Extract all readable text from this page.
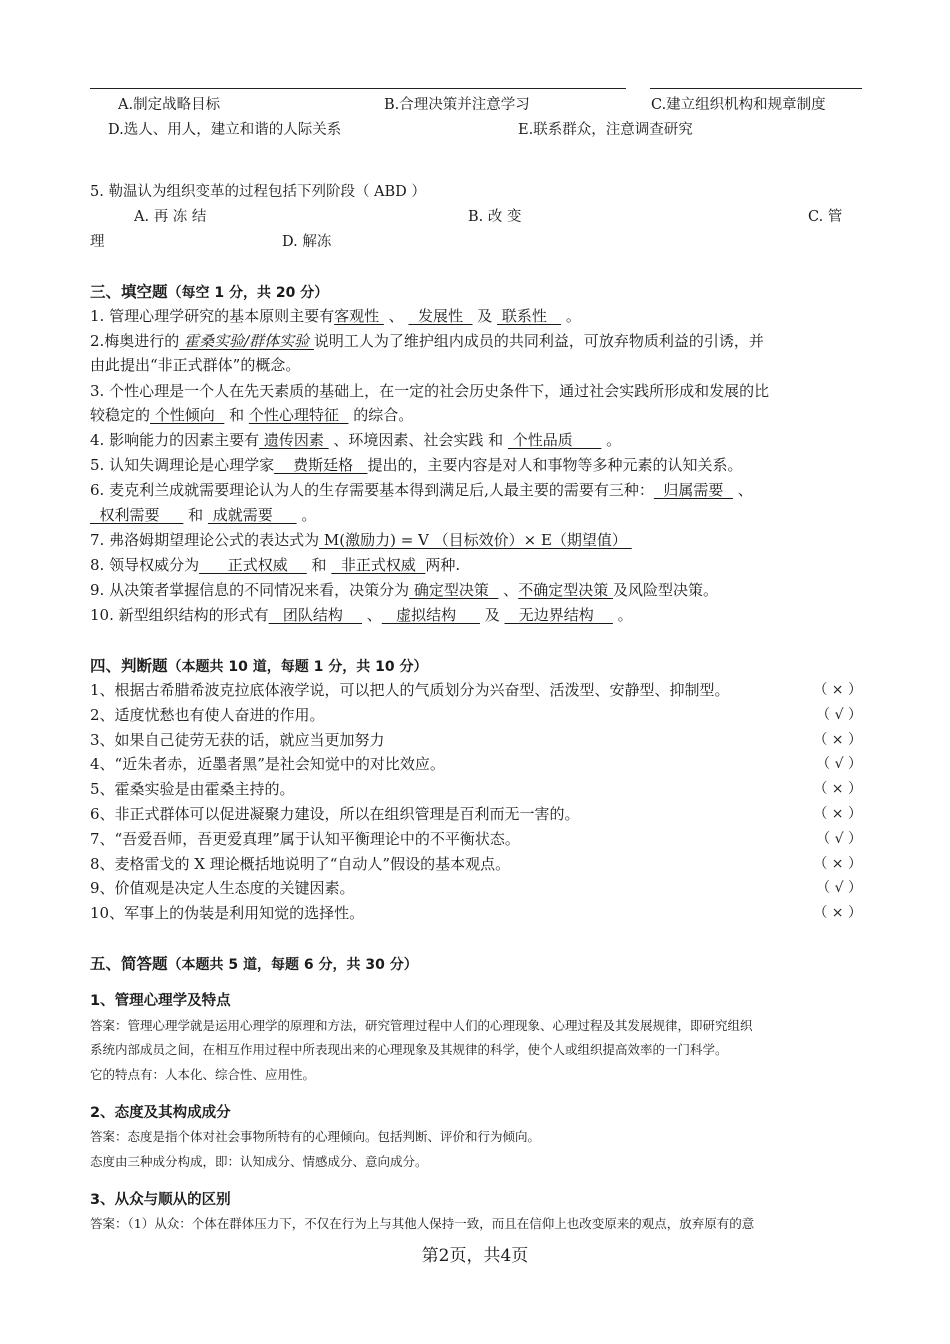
A.制定战略目标	B.合理决策并注意学习	C.建立组织机构和规章制度
D.选人、用人，建立和谐的人际关系	E.联系群众，注意调查研究
5. 勒温认为组织变革的过程包括下列阶段（ ABD ）
A. 再 冻 结	B. 改 变	C. 管
理	D. 解冻
三、填空题（每空 1 分，共 20 分）
1. 管理心理学研究的基本原则主要有客观性  、   发展性   及  联系性    。
2.梅奥进行的 霍桑实验/群体实验 说明工人为了维护组内成员的共同利益，可放弃物质利益的引诱，并
由此提出“非正式群体”的概念。
3. 个性心理是一个人在先天素质的基础上，在一定的社会历史条件下，通过社会实践所形成和发展的比
较稳定的 个性倾向   和 个性心理特征   的综合。
4. 影响能力的因素主要有 遗传因素  、环境因素、社会实践 和  个性品质       。
5. 认知失调理论是心理学家    费斯廷格   提出的，主要内容是对人和事物等多种元素的认知关系。
6. 麦克利兰成就需要理论认为人的生存需要基本得到满足后,人最主要的需要有三种：  归属需要   、
权利需要      和  成就需要      。
7. 弗洛姆期望理论公式的表达式为 M(激励力) = V （目标效价）× E（期望值）
8. 领导权威分为      正式权威     和   非正式权威  两种.
9. 从决策者掌握信息的不同情况来看，决策分为 确定型决策   、不确定型决策 及风险型决策。
10. 新型组织结构的形式有   团队结构     、   虚拟结构      及    无边界结构     。
四、判断题（本题共 10 道，每题 1 分，共 10 分）
1、根据古希腊希波克拉底体液学说，可以把人的气质划分为兴奋型、活泼型、安静型、抑制型。	（ × ）
2、适度忧愁也有使人奋进的作用。	（ √ ）
3、如果自己徒劳无获的话，就应当更加努力	（ × ）
4、“近朱者赤，近墨者黑”是社会知觉中的对比效应。	（ √ ）
5、霍桑实验是由霍桑主持的。	（ × ）
6、非正式群体可以促进凝聚力建设，所以在组织管理是百利而无一害的。	（ × ）
7、“吾爱吾师，吾更爱真理”属于认知平衡理论中的不平衡状态。	（ √ ）
8、麦格雷戈的 X 理论概括地说明了“自动人”假设的基本观点。	（ × ）
9、价值观是决定人生态度的关键因素。	（ √ ）
10、军事上的伪装是利用知觉的选择性。	（ × ）
五、简答题（本题共 5 道，每题 6 分，共 30 分）
1、管理心理学及特点
答案：管理心理学就是运用心理学的原理和方法，研究管理过程中人们的心理现象、心理过程及其发展规律，即研究组织
系统内部成员之间，在相互作用过程中所表现出来的心理现象及其规律的科学，使个人或组织提高效率的一门科学。
它的特点有：人本化、综合性、应用性。
2、态度及其构成成分
答案：态度是指个体对社会事物所特有的心理倾向。包括判断、评价和行为倾向。
态度由三种成分构成，即：认知成分、情感成分、意向成分。
3、从众与顺从的区别
答案：（1）从众：个体在群体压力下，不仅在行为上与其他人保持一致，而且在信仰上也改变原来的观点，放弃原有的意
第2页，共4页
